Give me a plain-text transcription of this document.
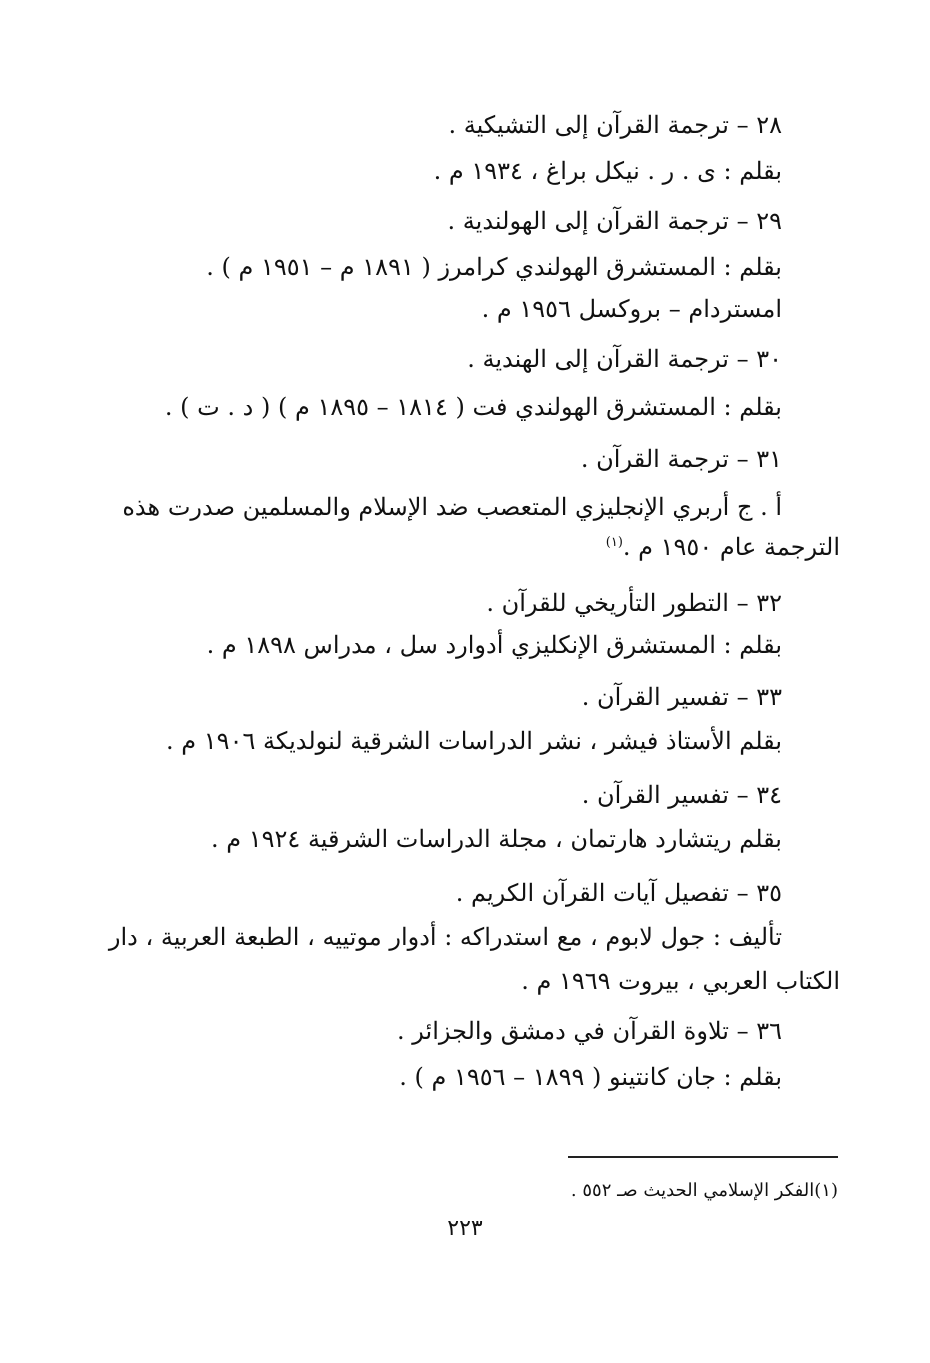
٢٨ – ترجمة القرآن إلى التشيكية .
بقلم : ى . ر . نيكل براغ ، ١٩٣٤ م .
٢٩ – ترجمة القرآن إلى الهولندية .
بقلم : المستشرق الهولندي كرامرز ( ١٨٩١ م – ١٩٥١ م ) .
امستردام – بروكسل ١٩٥٦ م .
٣٠ – ترجمة القرآن إلى الهندية .
بقلم : المستشرق الهولندي فت ( ١٨١٤ – ١٨٩٥ م ) ( د . ت ) .
٣١ – ترجمة القرآن .
أ . ج أربري الإنجليزي المتعصب ضد الإسلام والمسلمين صدرت هذه
الترجمة عام ١٩٥٠ م .$^{(١)}$
٣٢ – التطور التأريخي للقرآن .
بقلم : المستشرق الإنكليزي أدوارد سل ، مدراس ١٨٩٨ م .
٣٣ – تفسير القرآن .
بقلم الأستاذ فيشر ، نشر الدراسات الشرقية لنولديكة ١٩٠٦ م .
٣٤ – تفسير القرآن .
بقلم ريتشارد هارتمان ، مجلة الدراسات الشرقية ١٩٢٤ م .
٣٥ – تفصيل آيات القرآن الكريم .
تأليف : جول لابوم ، مع استدراكه : أدوار موتييه ، الطبعة العربية ، دار
الكتاب العربي ، بيروت ١٩٦٩ م .
٣٦ – تلاوة القرآن في دمشق والجزائر .
بقلم : جان كانتينو ( ١٨٩٩ – ١٩٥٦ م ) .
(١)الفكر الإسلامي الحديث صـ ٥٥٢ .
٢٢٣
